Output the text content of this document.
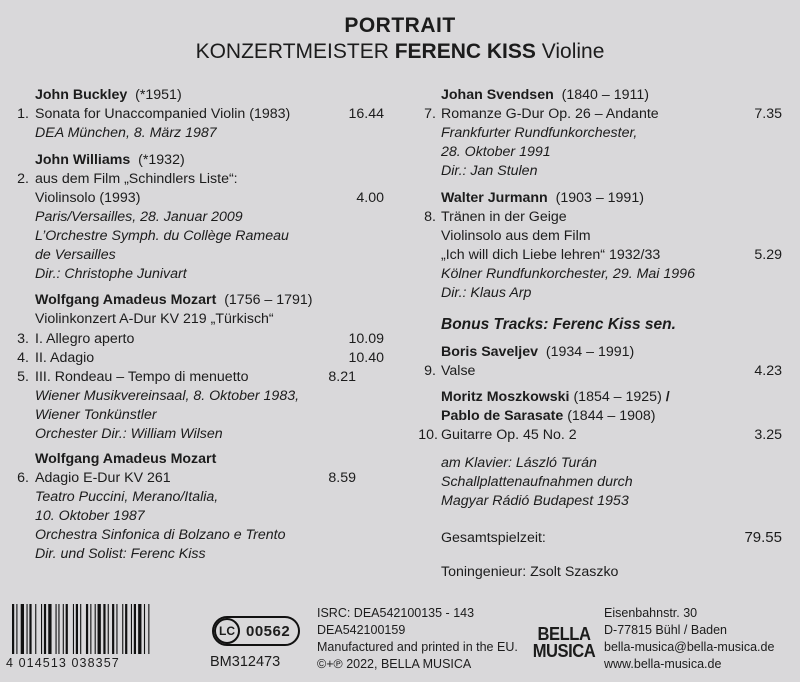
PORTRAIT
KONZERTMEISTER FERENC KISS Violine
John Buckley (*1951)
1. Sonata for Unaccompanied Violin (1983)	16.44
DEA München, 8. März 1987
John Williams (*1932)
2. aus dem Film „Schindlers Liste“:
Violinsolo (1993)	4.00
Paris/Versailles, 28. Januar 2009
L’Orchestre Symph. du Collège Rameau
de Versailles
Dir.: Christophe Junivart
Wolfgang Amadeus Mozart (1756 – 1791)
Violinkonzert A-Dur KV 219 „Türkisch“
3. I. Allegro aperto	10.09
4. II. Adagio	10.40
5. III. Rondeau – Tempo di menuetto	8.21
Wiener Musikvereinsaal, 8. Oktober 1983,
Wiener Tonkünstler
Orchester Dir.: William Wilsen
Wolfgang Amadeus Mozart
6. Adagio E-Dur KV 261	8.59
Teatro Puccini, Merano/Italia,
10. Oktober 1987
Orchestra Sinfonica di Bolzano e Trento
Dir. und Solist: Ferenc Kiss
Johan Svendsen (1840 – 1911)
7. Romanze G-Dur Op. 26 – Andante	7.35
Frankfurter Rundfunkorchester,
28. Oktober 1991
Dir.: Jan Stulen
Walter Jurmann (1903 – 1991)
8. Tränen in der Geige
Violinsolo aus dem Film
„Ich will dich Liebe lehren“ 1932/33	5.29
Kölner Rundfunkorchester, 29. Mai 1996
Dir.: Klaus Arp
Bonus Tracks: Ferenc Kiss sen.
Boris Saveljev (1934 – 1991)
9. Valse	4.23
Moritz Moszkowski (1854 – 1925) /
Pablo de Sarasate (1844 – 1908)
10. Guitarre Op. 45 No. 2	3.25
am Klavier: László Turán
Schallplattenaufnahmen durch
Magyar Rádió Budapest 1953
Gesamtspielzeit:	79.55
Toningenieur: Zsolt Szaszko
4 014513 038357
LC 00562
BM312473
ISRC: DEA542100135 - 143
DEA542100159
Manufactured and printed in the EU.
©+℗ 2022, BELLA MUSICA
BELLA
MUSICA
Eisenbahnstr. 30
D-77815 Bühl / Baden
bella-musica@bella-musica.de
www.bella-musica.de
